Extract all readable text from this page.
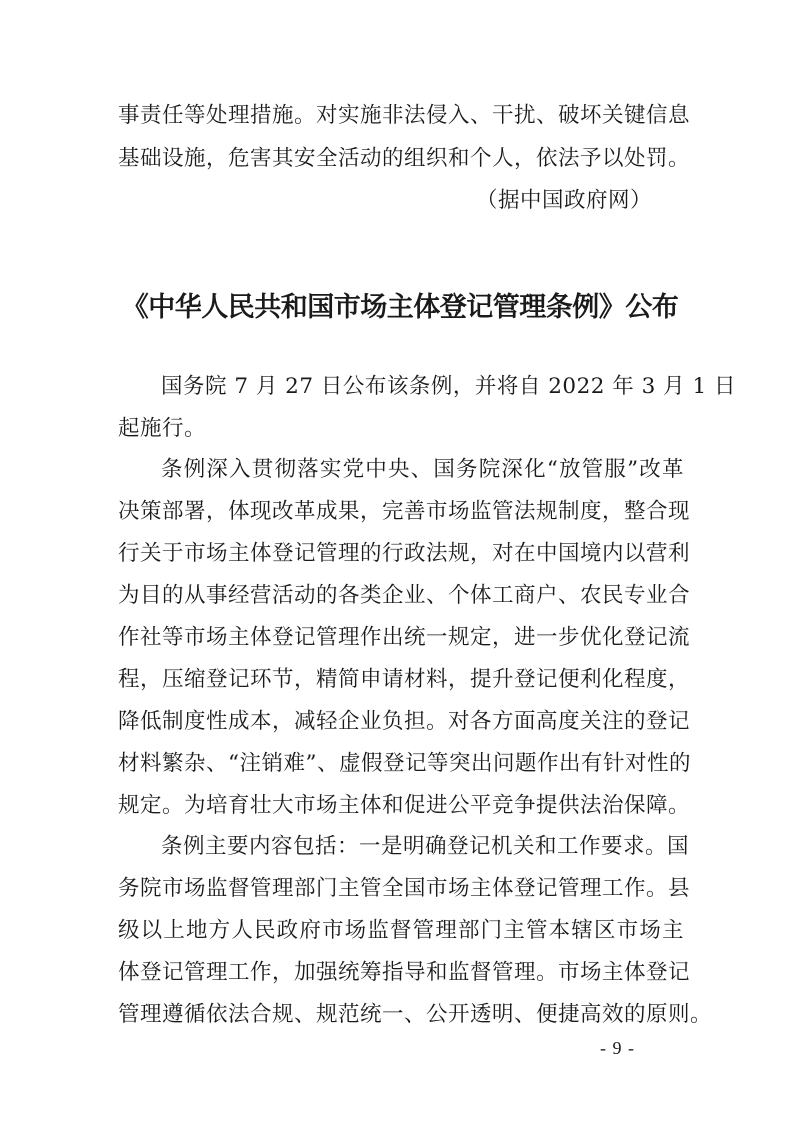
事责任等处理措施。对实施非法侵入、干扰、破坏关键信息
基础设施，危害其安全活动的组织和个人，依法予以处罚。
（据中国政府网）
《中华人民共和国市场主体登记管理条例》公布
国务院 7 月 27 日公布该条例，并将自 2022 年 3 月 1 日
起施行。
条例深入贯彻落实党中央、国务院深化“放管服”改革
决策部署，体现改革成果，完善市场监管法规制度，整合现
行关于市场主体登记管理的行政法规，对在中国境内以营利
为目的从事经营活动的各类企业、个体工商户、农民专业合
作社等市场主体登记管理作出统一规定，进一步优化登记流
程，压缩登记环节，精简申请材料，提升登记便利化程度，
降低制度性成本，减轻企业负担。对各方面高度关注的登记
材料繁杂、“注销难”、虚假登记等突出问题作出有针对性的
规定。为培育壮大市场主体和促进公平竞争提供法治保障。
条例主要内容包括：一是明确登记机关和工作要求。国
务院市场监督管理部门主管全国市场主体登记管理工作。县
级以上地方人民政府市场监督管理部门主管本辖区市场主
体登记管理工作，加强统筹指导和监督管理。市场主体登记
管理遵循依法合规、规范统一、公开透明、便捷高效的原则。
- 9 -
